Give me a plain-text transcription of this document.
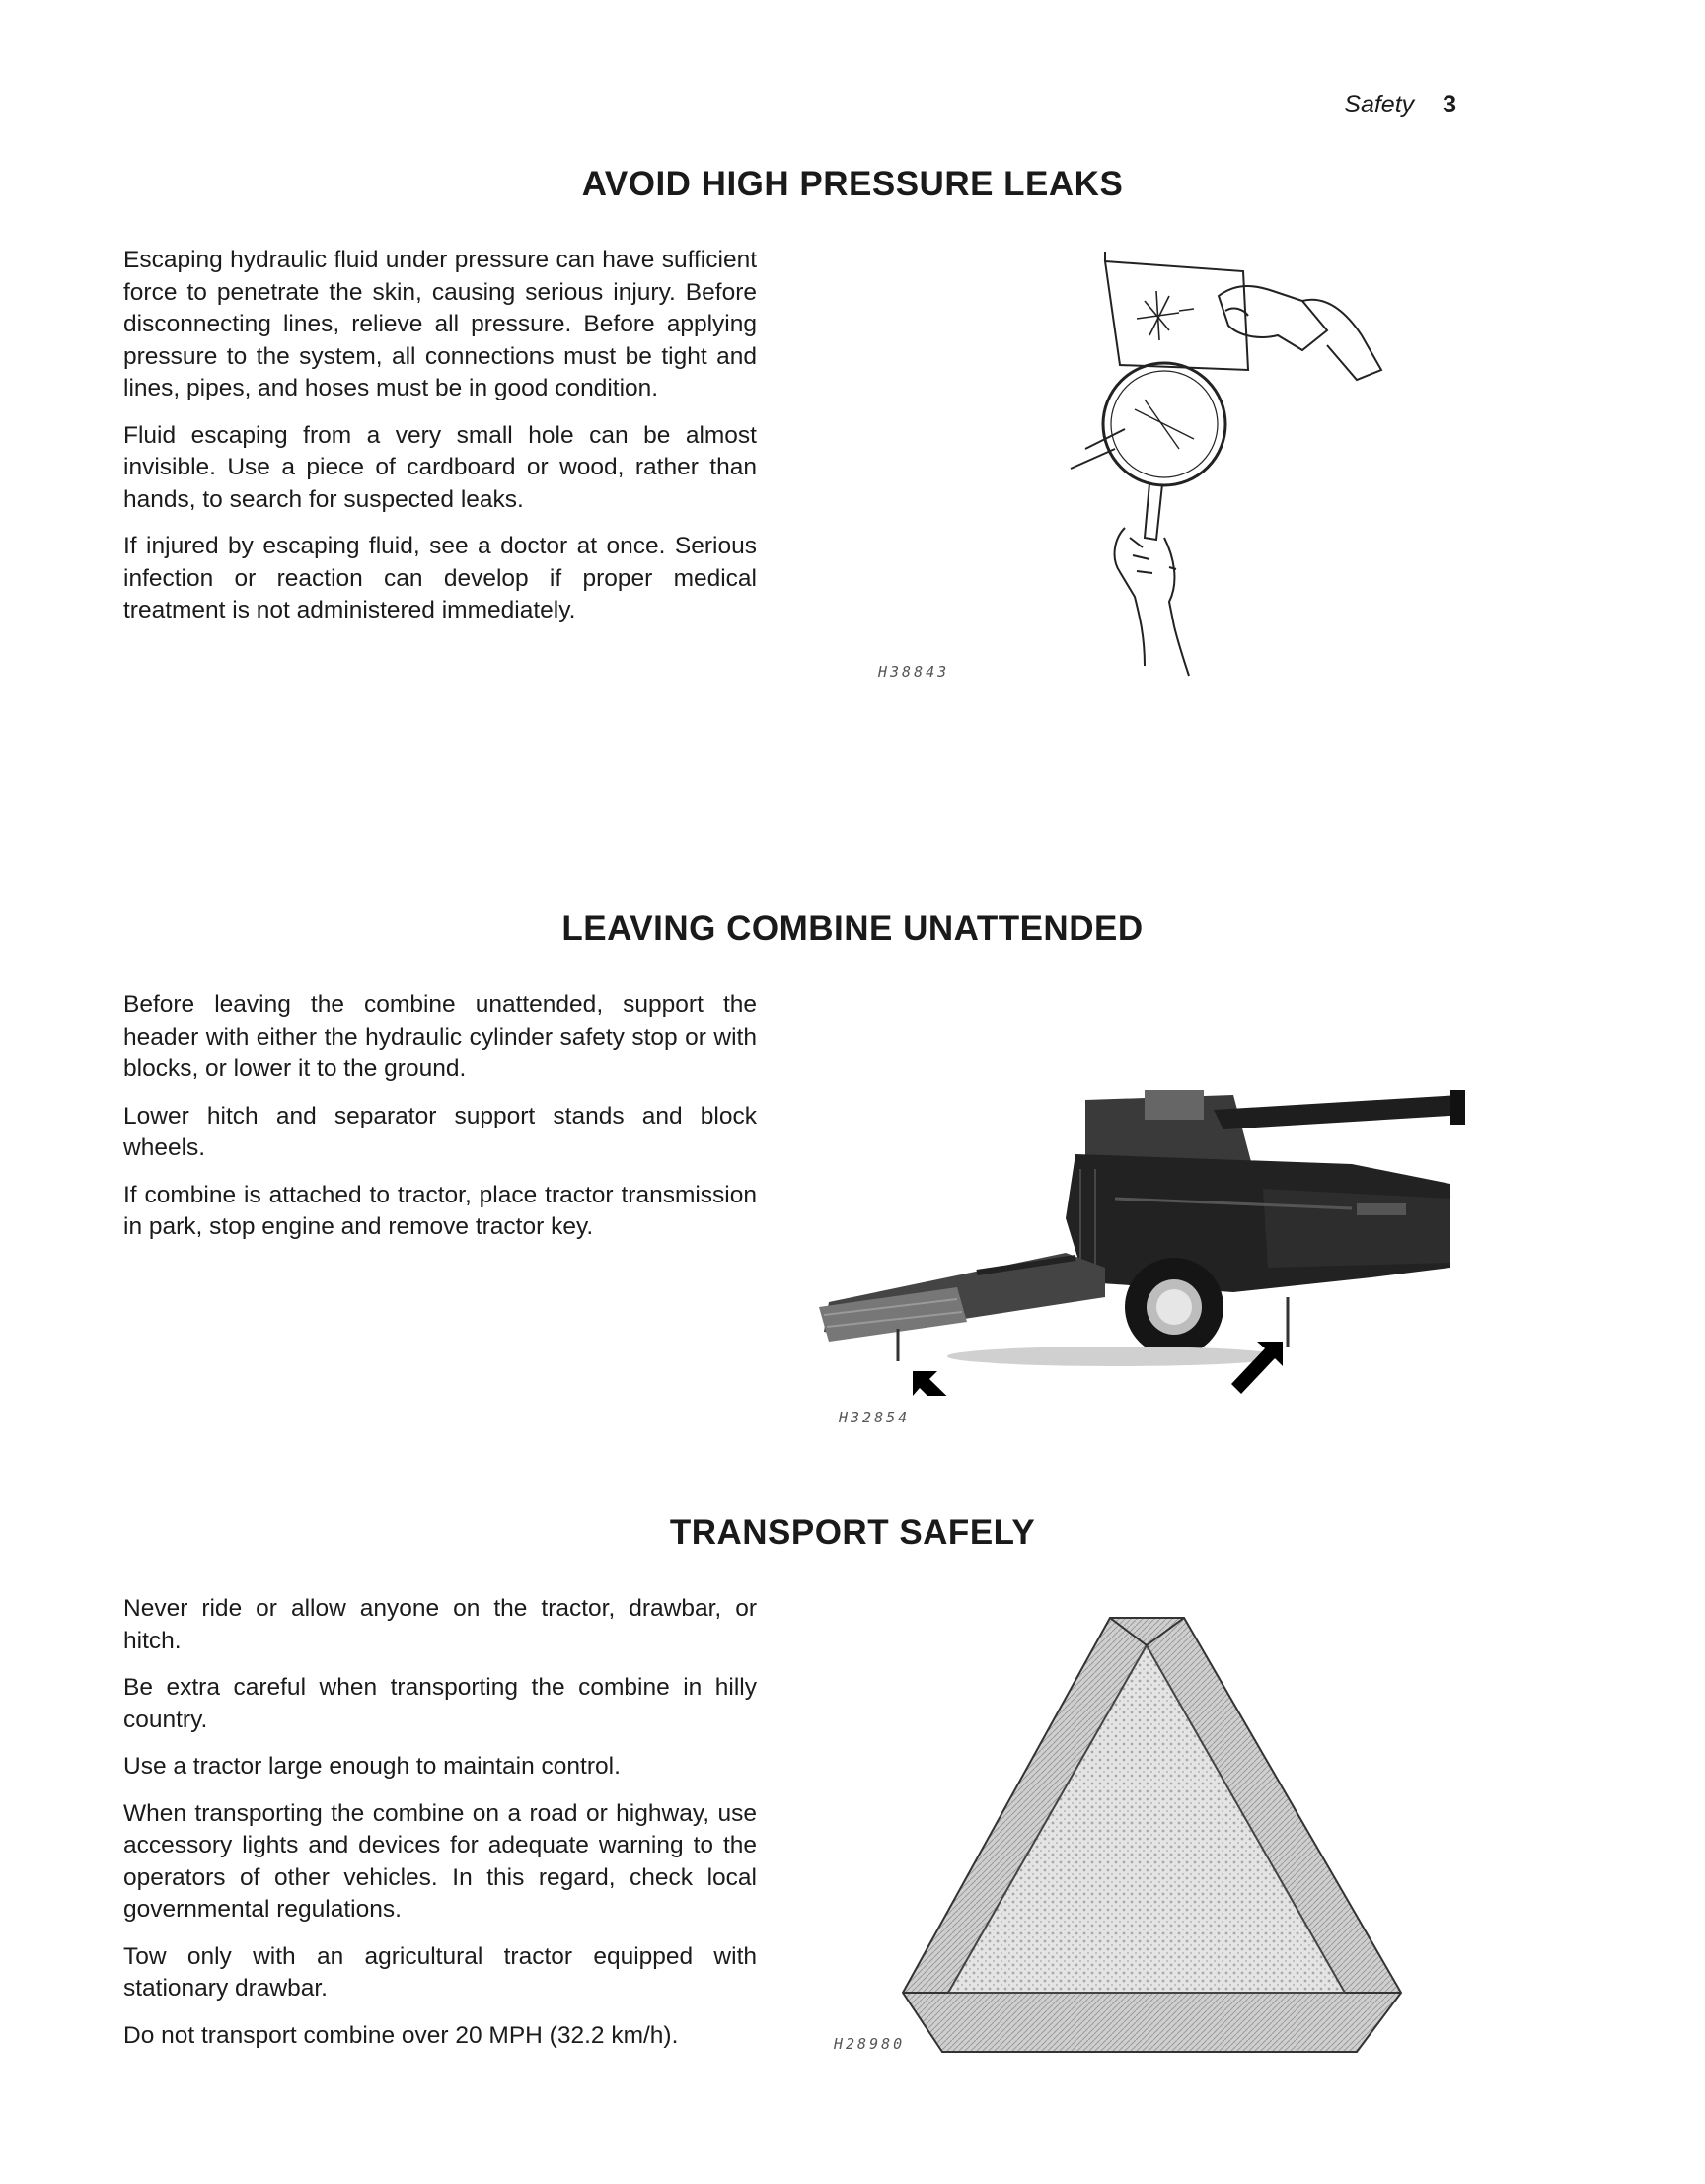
Safety 3
AVOID HIGH PRESSURE LEAKS

Escaping hydraulic fluid under pressure can have sufficient force to penetrate the skin, causing serious injury. Before disconnecting lines, relieve all pressure. Before applying pressure to the system, all connections must be tight and lines, pipes, and hoses must be in good condition.

Fluid escaping from a very small hole can be almost invisible. Use a piece of cardboard or wood, rather than hands, to search for suspected leaks.

If injured by escaping fluid, see a doctor at once. Serious infection or reaction can develop if proper medical treatment is not administered immediately.

H38843
LEAVING COMBINE UNATTENDED

Before leaving the combine unattended, support the header with either the hydraulic cylinder safety stop or with blocks, or lower it to the ground.

Lower hitch and separator support stands and block wheels.

If combine is attached to tractor, place tractor transmission in park, stop engine and remove tractor key.

H32854
TRANSPORT SAFELY

Never ride or allow anyone on the tractor, drawbar, or hitch.

Be extra careful when transporting the combine in hilly country.

Use a tractor large enough to maintain control.

When transporting the combine on a road or highway, use accessory lights and devices for adequate warning to the operators of other vehicles. In this regard, check local governmental regulations.

Tow only with an agricultural tractor equipped with stationary drawbar.

Do not transport combine over 20 MPH (32.2 km/h).	H28980
